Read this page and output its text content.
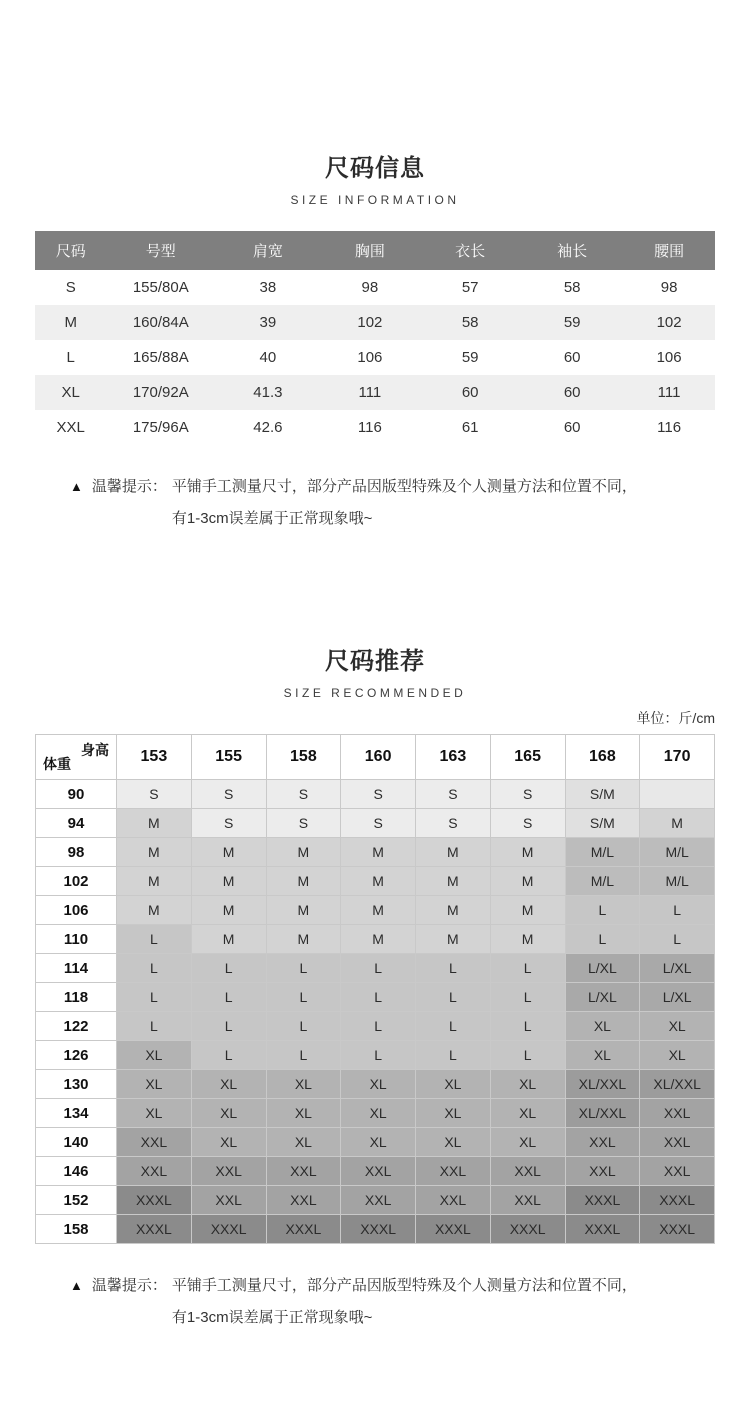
尺码信息
SIZE INFORMATION
尺码	号型	肩宽	胸围	衣长	袖长	腰围
S	155/80A	38	98	57	58	98
M	160/84A	39	102	58	59	102
L	165/88A	40	106	59	60	106
XL	170/92A	41.3	111	60	60	111
XXL	175/96A	42.6	116	61	60	116
▲ 温馨提示： 平铺手工测量尺寸，部分产品因版型特殊及个人测量方法和位置不同，
有1-3cm误差属于正常现象哦~
尺码推荐
SIZE RECOMMENDED
单位：斤/cm
身高
体重	153	155	158	160	163	165	168	170
90	S	S	S	S	S	S	S/M	
94	M	S	S	S	S	S	S/M	M
98	M	M	M	M	M	M	M/L	M/L
102	M	M	M	M	M	M	M/L	M/L
106	M	M	M	M	M	M	L	L
110	L	M	M	M	M	M	L	L
114	L	L	L	L	L	L	L/XL	L/XL
118	L	L	L	L	L	L	L/XL	L/XL
122	L	L	L	L	L	L	XL	XL
126	XL	L	L	L	L	L	XL	XL
130	XL	XL	XL	XL	XL	XL	XL/XXL	XL/XXL
134	XL	XL	XL	XL	XL	XL	XL/XXL	XXL
140	XXL	XL	XL	XL	XL	XL	XXL	XXL
146	XXL	XXL	XXL	XXL	XXL	XXL	XXL	XXL
152	XXXL	XXL	XXL	XXL	XXL	XXL	XXXL	XXXL
158	XXXL	XXXL	XXXL	XXXL	XXXL	XXXL	XXXL	XXXL
▲ 温馨提示： 平铺手工测量尺寸，部分产品因版型特殊及个人测量方法和位置不同，
有1-3cm误差属于正常现象哦~
